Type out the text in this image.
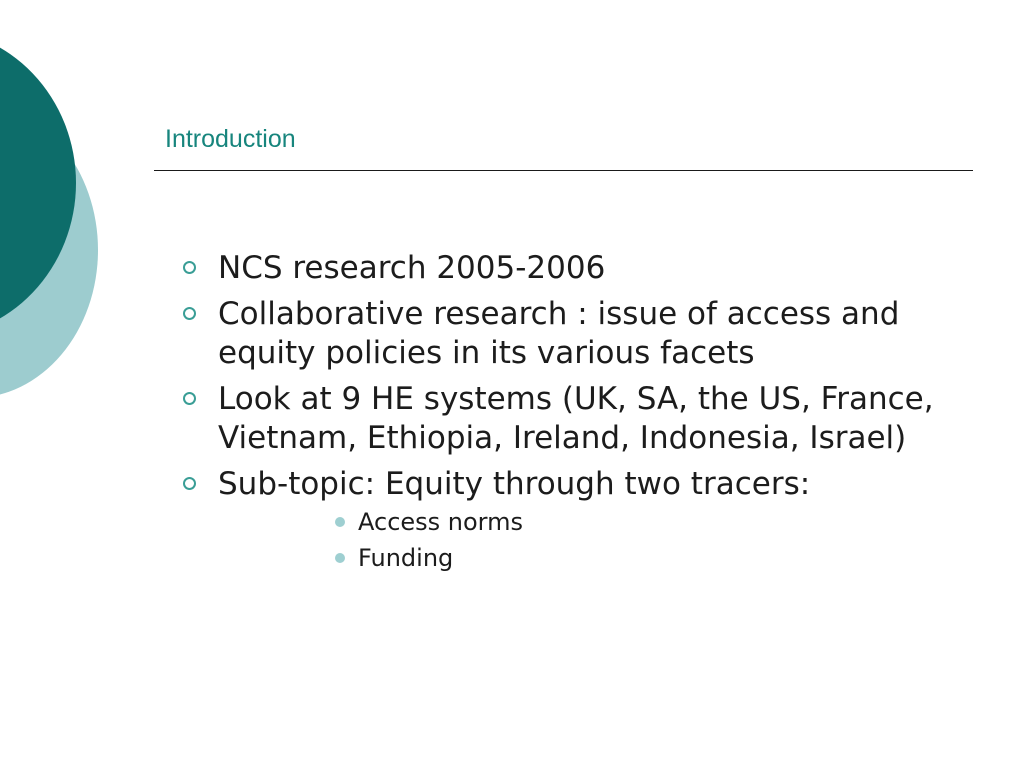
Introduction
NCS research 2005-2006
Collaborative research : issue of access and equity policies in its various facets
Look at 9 HE systems (UK, SA, the US, France, Vietnam, Ethiopia, Ireland, Indonesia, Israel)
Sub-topic: Equity through two tracers:
Access norms
Funding
